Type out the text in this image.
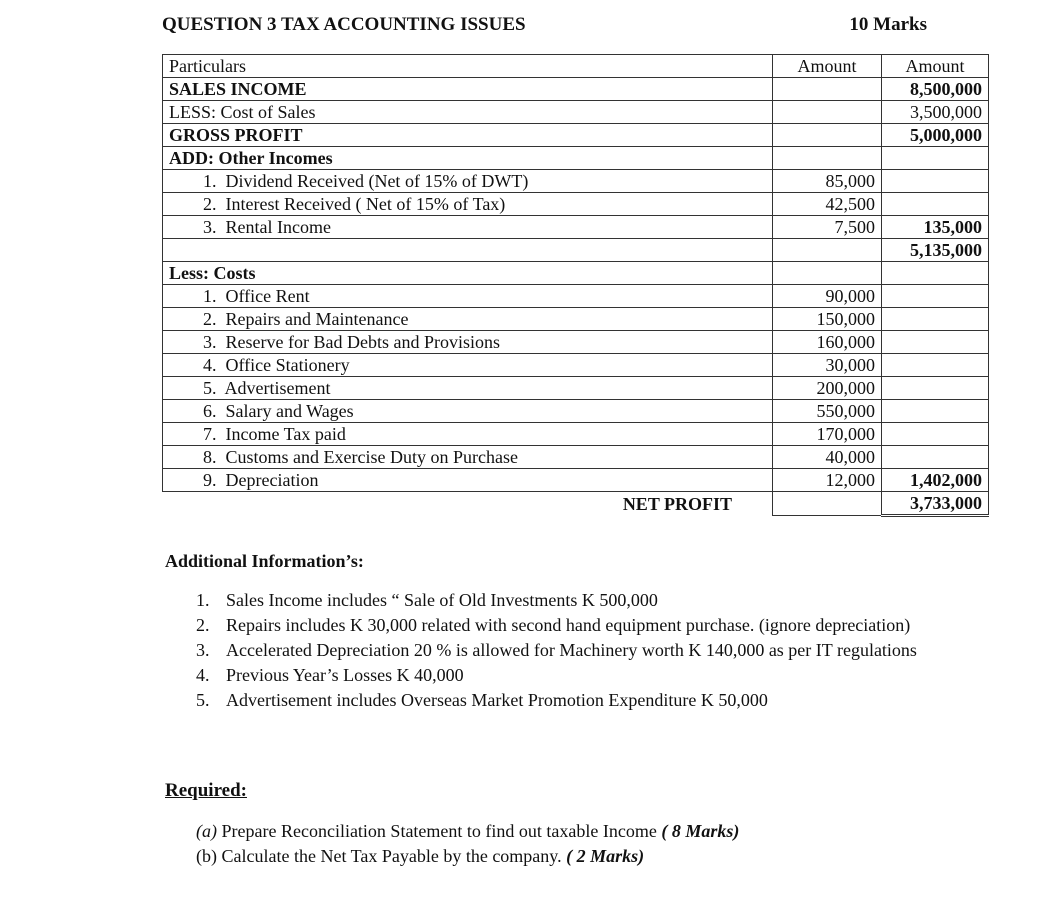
QUESTION 3 TAX ACCOUNTING ISSUES	10 Marks
Particulars	Amount	Amount
SALES INCOME		8,500,000
LESS: Cost of Sales		3,500,000
GROSS PROFIT		5,000,000
ADD: Other Incomes		
1. Dividend Received (Net of 15% of DWT)	85,000	
2. Interest Received ( Net of 15% of Tax)	42,500	
3. Rental Income	7,500	135,000
		5,135,000
Less: Costs		
1. Office Rent	90,000	
2. Repairs and Maintenance	150,000	
3. Reserve for Bad Debts and Provisions	160,000	
4. Office Stationery	30,000	
5. Advertisement	200,000	
6. Salary and Wages	550,000	
7. Income Tax paid	170,000	
8. Customs and Exercise Duty on Purchase	40,000	
9. Depreciation	12,000	1,402,000
NET PROFIT		3,733,000
Additional Information’s:
1. Sales Income includes “ Sale of Old Investments K 500,000
2. Repairs includes K 30,000 related with second hand equipment purchase. (ignore depreciation)
3. Accelerated Depreciation 20 % is allowed for Machinery worth K 140,000 as per IT regulations
4. Previous Year’s Losses K 40,000
5. Advertisement includes Overseas Market Promotion Expenditure K 50,000
Required:
(a) Prepare Reconciliation Statement to find out taxable Income ( 8 Marks)
(b) Calculate the Net Tax Payable by the company. ( 2 Marks)
